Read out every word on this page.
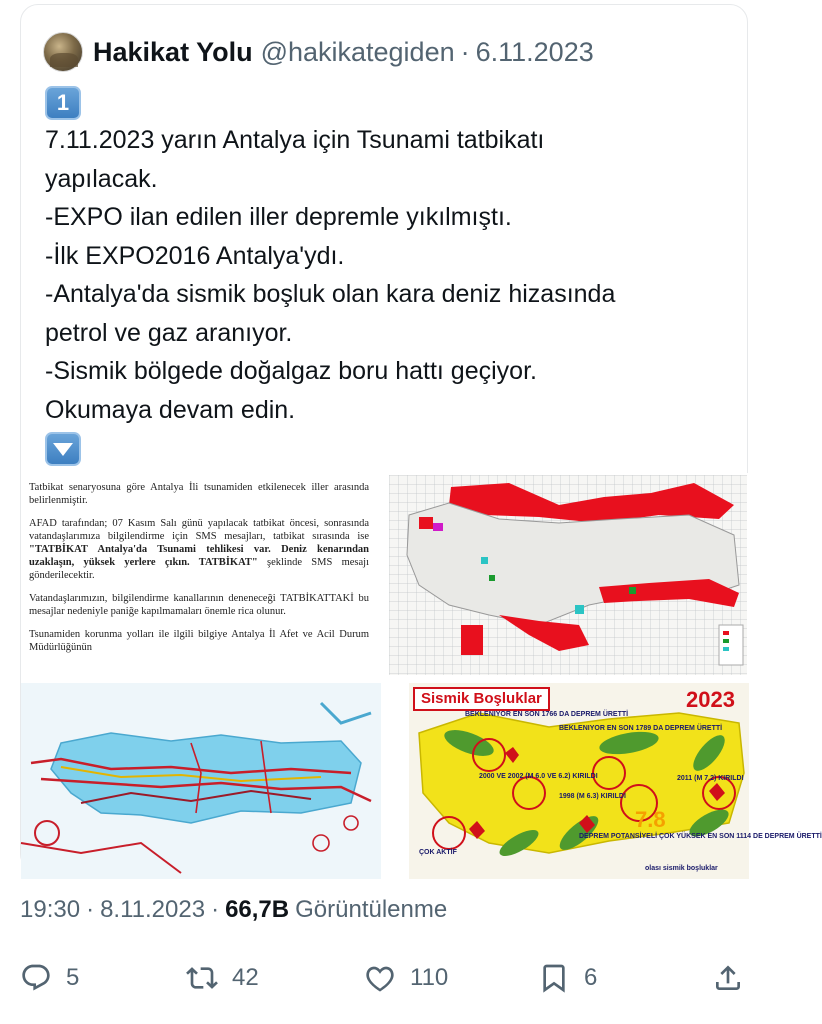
Hakikat Yolu @hakikategiden · 6.11.2023
1
7.11.2023 yarın Antalya için Tsunami tatbikatı
yapılacak.
-EXPO ilan edilen iller depremle yıkılmıştı.
-İlk EXPO2016 Antalya'ydı.
-Antalya'da sismik boşluk olan kara deniz hizasında
petrol ve gaz aranıyor.
-Sismik bölgede doğalgaz boru hattı geçiyor.
Okumaya devam edin.

Tatbikat senaryosuna göre Antalya İli tsunamiden etkilenecek iller arasında belirlenmiştir.

AFAD tarafından; 07 Kasım Salı günü yapılacak tatbikat öncesi, sonrasında vatandaşlarımıza bilgilendirme için SMS mesajları, tatbikat sırasında ise "TATBİKAT Antalya'da Tsunami tehlikesi var. Deniz kenarından uzaklaşın, yüksek yerlere çıkın. TATBİKAT" şeklinde SMS mesajı gönderilecektir.

Vatandaşlarımızın, bilgilendirme kanallarının deneneceği TATBİKATTAKİ bu mesajlar nedeniyle paniğe kapılmamaları önemle rica olunur.

Tsunamiden korunma yolları ile ilgili bilgiye Antalya İl Afet ve Acil Durum Müdürlüğünün

Sismik Boşluklar	2023
BEKLENIYOR EN SON 1766 DA DEPREM ÜRETTİ
BEKLENIYOR EN SON 1789 DA DEPREM ÜRETTİ
2000 VE 2002 (M 6.0 VE 6.2) KIRILDI
1998 (M 6.3) KIRILDI
2011 (M 7.2) KIRILDI
DEPREM POTANSİYELİ ÇOK YÜKSEK EN SON 1114 DE DEPREM ÜRETTİ
ÇOK AKTİF
olası sismik boşluklar
7.8
19:30 · 8.11.2023 · 66,7B Görüntülenme
5	42	110	6
